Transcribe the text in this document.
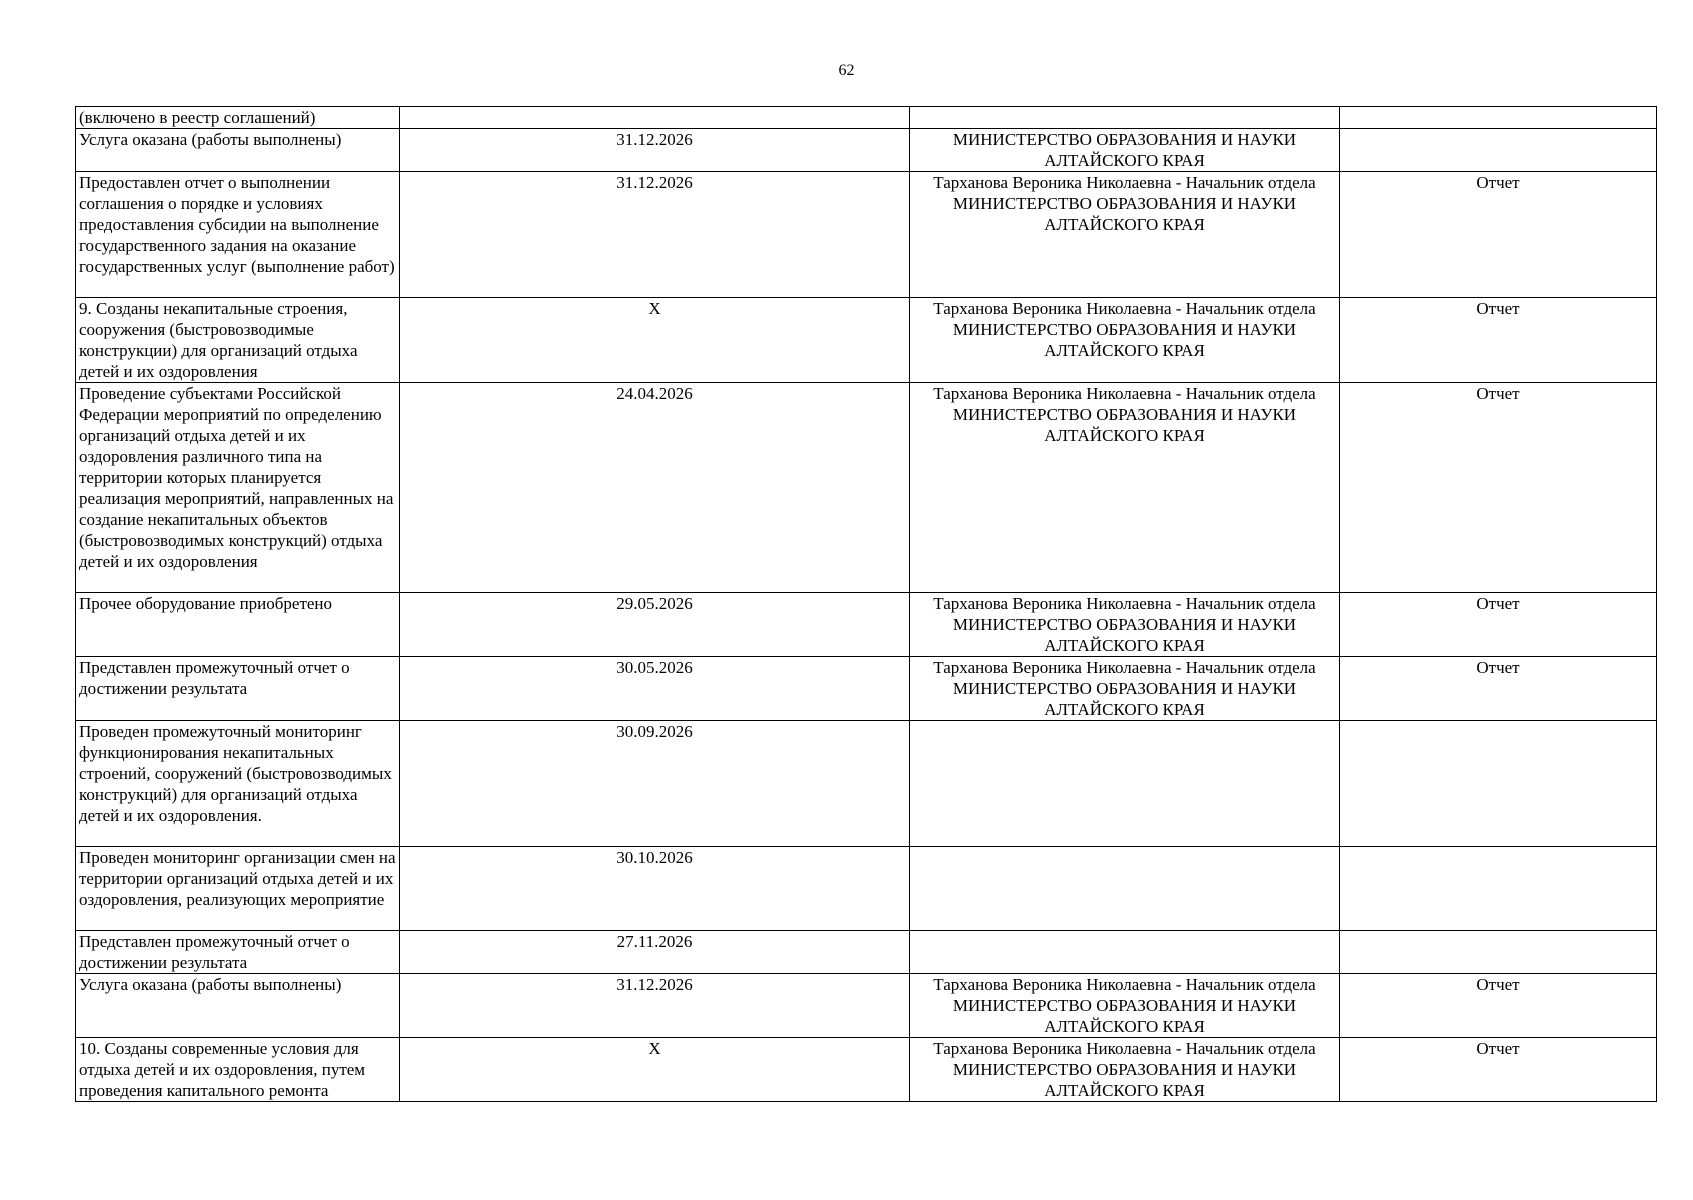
62
(включено в реестр соглашений)			
Услуга оказана (работы выполнены)	31.12.2026	МИНИСТЕРСТВО ОБРАЗОВАНИЯ И НАУКИ АЛТАЙСКОГО КРАЯ	
Предоставлен отчет о выполнении соглашения о порядке и условиях предоставления субсидии на выполнение государственного задания на оказание государственных услуг (выполнение работ)	31.12.2026	Тарханова Вероника Николаевна - Начальник отдела МИНИСТЕРСТВО ОБРАЗОВАНИЯ И НАУКИ АЛТАЙСКОГО КРАЯ	Отчет
9. Созданы некапитальные строения, сооружения (быстровозводимые конструкции) для организаций отдыха детей и их оздоровления	X	Тарханова Вероника Николаевна - Начальник отдела МИНИСТЕРСТВО ОБРАЗОВАНИЯ И НАУКИ АЛТАЙСКОГО КРАЯ	Отчет
Проведение субъектами Российской Федерации мероприятий по определению организаций отдыха детей и их оздоровления различного типа на территории которых планируется реализация мероприятий, направленных на создание некапитальных объектов (быстровозводимых конструкций) отдыха детей и их оздоровления	24.04.2026	Тарханова Вероника Николаевна - Начальник отдела МИНИСТЕРСТВО ОБРАЗОВАНИЯ И НАУКИ АЛТАЙСКОГО КРАЯ	Отчет
Прочее оборудование приобретено	29.05.2026	Тарханова Вероника Николаевна - Начальник отдела МИНИСТЕРСТВО ОБРАЗОВАНИЯ И НАУКИ АЛТАЙСКОГО КРАЯ	Отчет
Представлен промежуточный отчет о достижении результата	30.05.2026	Тарханова Вероника Николаевна - Начальник отдела МИНИСТЕРСТВО ОБРАЗОВАНИЯ И НАУКИ АЛТАЙСКОГО КРАЯ	Отчет
Проведен промежуточный мониторинг функционирования некапитальных строений, сооружений (быстровозводимых конструкций) для организаций отдыха детей и их оздоровления.	30.09.2026		
Проведен мониторинг организации смен на территории организаций отдыха детей и их оздоровления, реализующих мероприятие	30.10.2026		
Представлен промежуточный отчет о достижении результата	27.11.2026		
Услуга оказана (работы выполнены)	31.12.2026	Тарханова Вероника Николаевна - Начальник отдела МИНИСТЕРСТВО ОБРАЗОВАНИЯ И НАУКИ АЛТАЙСКОГО КРАЯ	Отчет
10. Созданы современные условия для отдыха детей и их оздоровления, путем проведения капитального ремонта	X	Тарханова Вероника Николаевна - Начальник отдела МИНИСТЕРСТВО ОБРАЗОВАНИЯ И НАУКИ АЛТАЙСКОГО КРАЯ	Отчет
